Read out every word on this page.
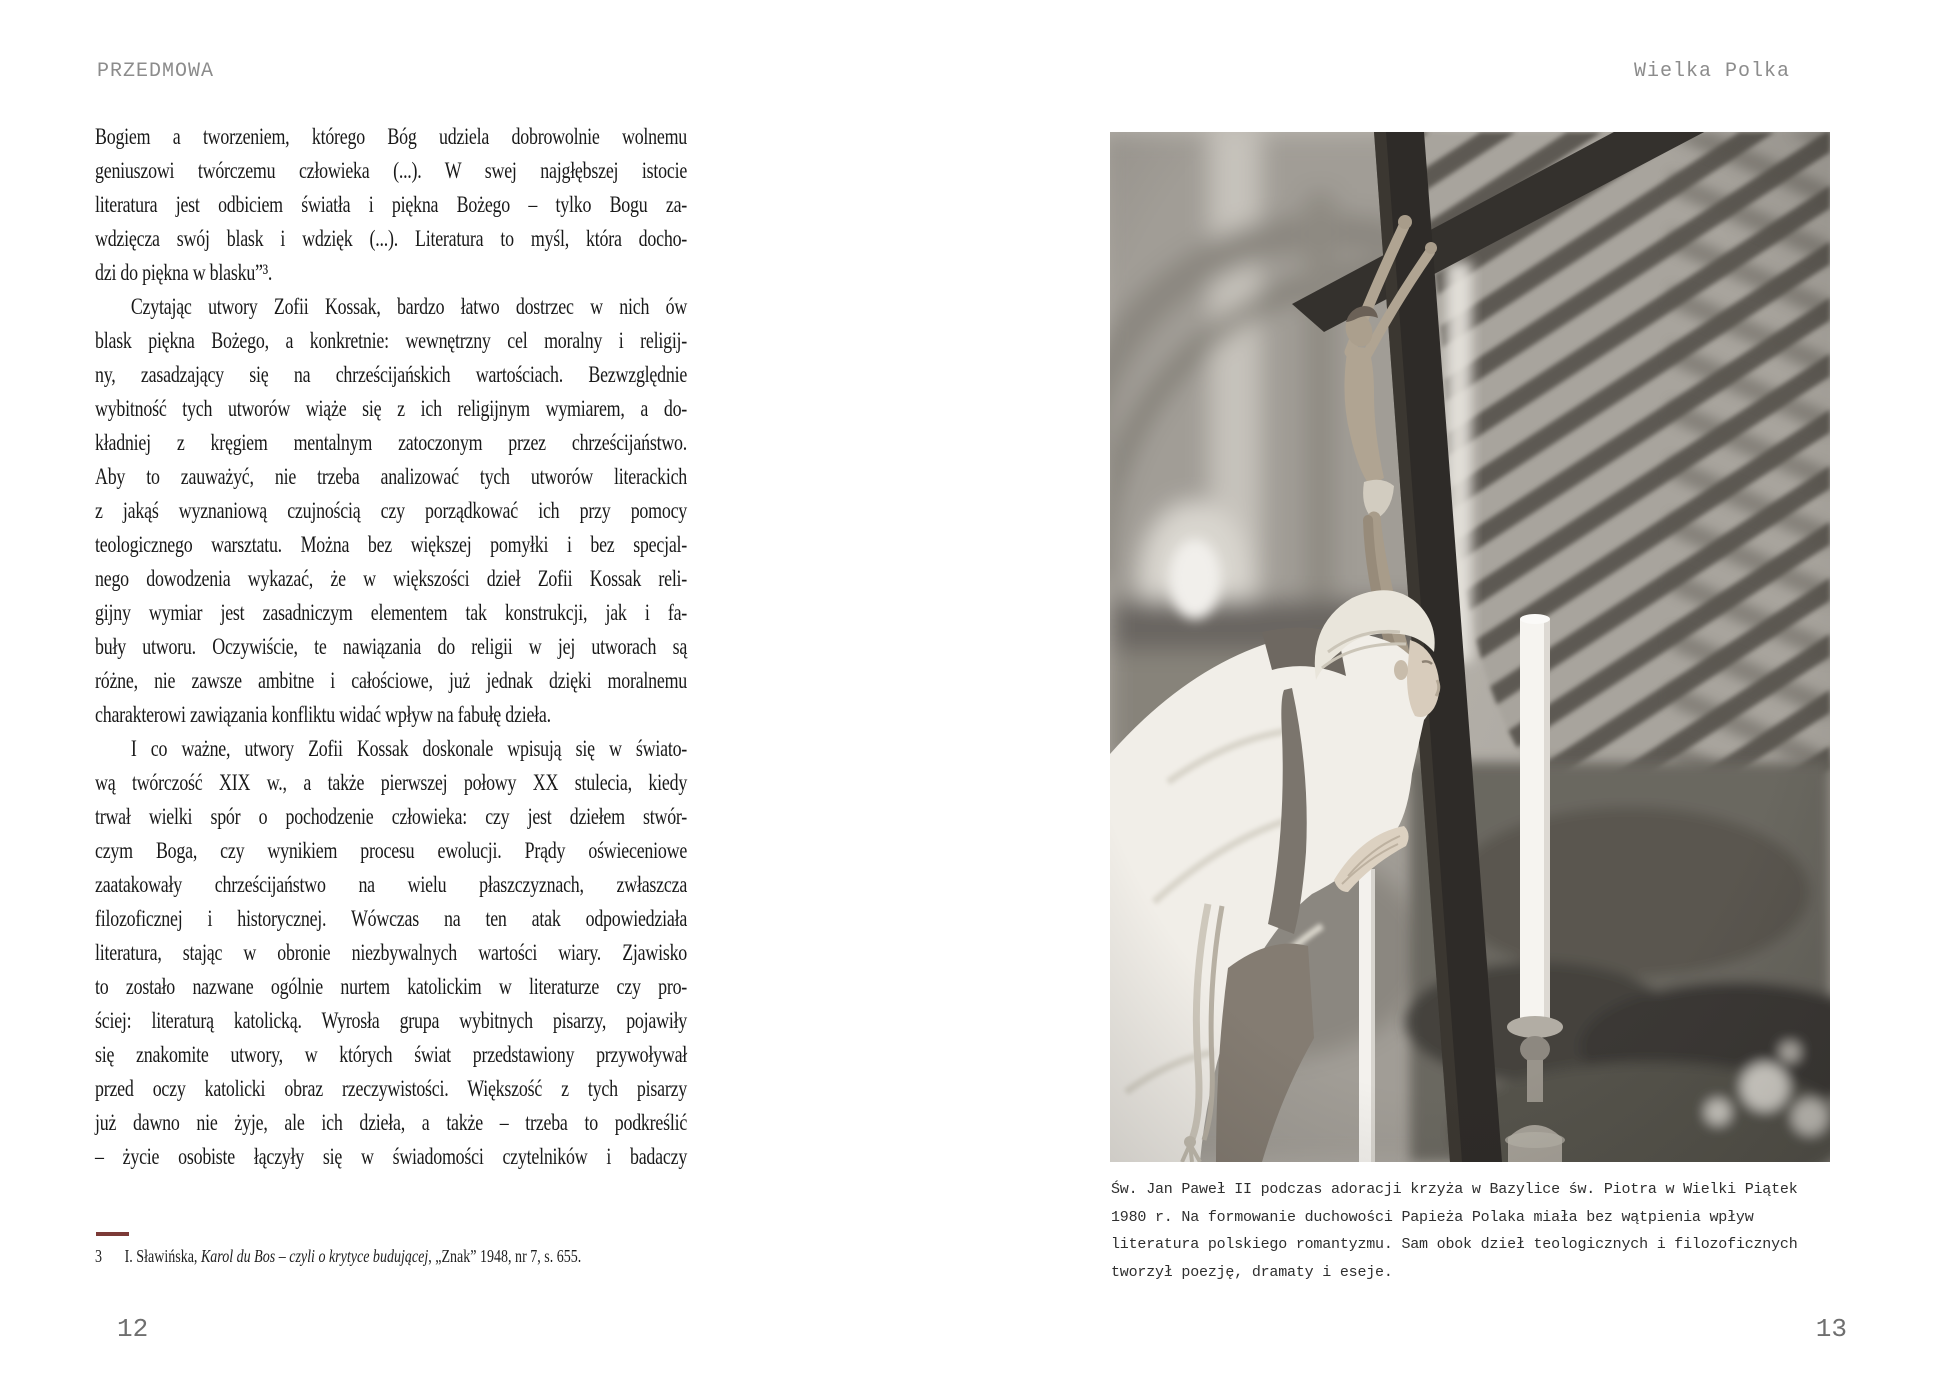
PRZEDMOWA
Bogiem a tworzeniem, którego Bóg udziela dobrowolnie wolnemu
geniuszowi twórczemu człowieka (...). W swej najgłębszej istocie
literatura jest odbiciem światła i piękna Bożego – tylko Bogu za-
wdzięcza swój blask i wdzięk (...). Literatura to myśl, która docho-
dzi do piękna w blasku”³.
Czytając utwory Zofii Kossak, bardzo łatwo dostrzec w nich ów
blask piękna Bożego, a konkretnie: wewnętrzny cel moralny i religij-
ny, zasadzający się na chrześcijańskich wartościach. Bezwzględnie
wybitność tych utworów wiąże się z ich religijnym wymiarem, a do-
kładniej z kręgiem mentalnym zatoczonym przez chrześcijaństwo.
Aby to zauważyć, nie trzeba analizować tych utworów literackich
z jakąś wyznaniową czujnością czy porządkować ich przy pomocy
teologicznego warsztatu. Można bez większej pomyłki i bez specjal-
nego dowodzenia wykazać, że w większości dzieł Zofii Kossak reli-
gijny wymiar jest zasadniczym elementem tak konstrukcji, jak i fa-
buły utworu. Oczywiście, te nawiązania do religii w jej utworach są
różne, nie zawsze ambitne i całościowe, już jednak dzięki moralnemu
charakterowi zawiązania konfliktu widać wpływ na fabułę dzieła.
I co ważne, utwory Zofii Kossak doskonale wpisują się w świato-
wą twórczość XIX w., a także pierwszej połowy XX stulecia, kiedy
trwał wielki spór o pochodzenie człowieka: czy jest dziełem stwór-
czym Boga, czy wynikiem procesu ewolucji. Prądy oświeceniowe
zaatakowały chrześcijaństwo na wielu płaszczyznach, zwłaszcza
filozoficznej i historycznej. Wówczas na ten atak odpowiedziała
literatura, stając w obronie niezbywalnych wartości wiary. Zjawisko
to zostało nazwane ogólnie nurtem katolickim w literaturze czy pro-
ściej: literaturą katolicką. Wyrosła grupa wybitnych pisarzy, pojawiły
się znakomite utwory, w których świat przedstawiony przywoływał
przed oczy katolicki obraz rzeczywistości. Większość z tych pisarzy
już dawno nie żyje, ale ich dzieła, a także – trzeba to podkreślić
– życie osobiste łączyły się w świadomości czytelników i badaczy
3 I. Sławińska, Karol du Bos – czyli o krytyce budującej, „Znak” 1948, nr 7, s. 655.
12
Wielka Polka
Św. Jan Paweł II podczas adoracji krzyża w Bazylice św. Piotra w Wielki Piątek
1980 r. Na formowanie duchowości Papieża Polaka miała bez wątpienia wpływ
literatura polskiego romantyzmu. Sam obok dzieł teologicznych i filozoficznych
tworzył poezję, dramaty i eseje.
13
